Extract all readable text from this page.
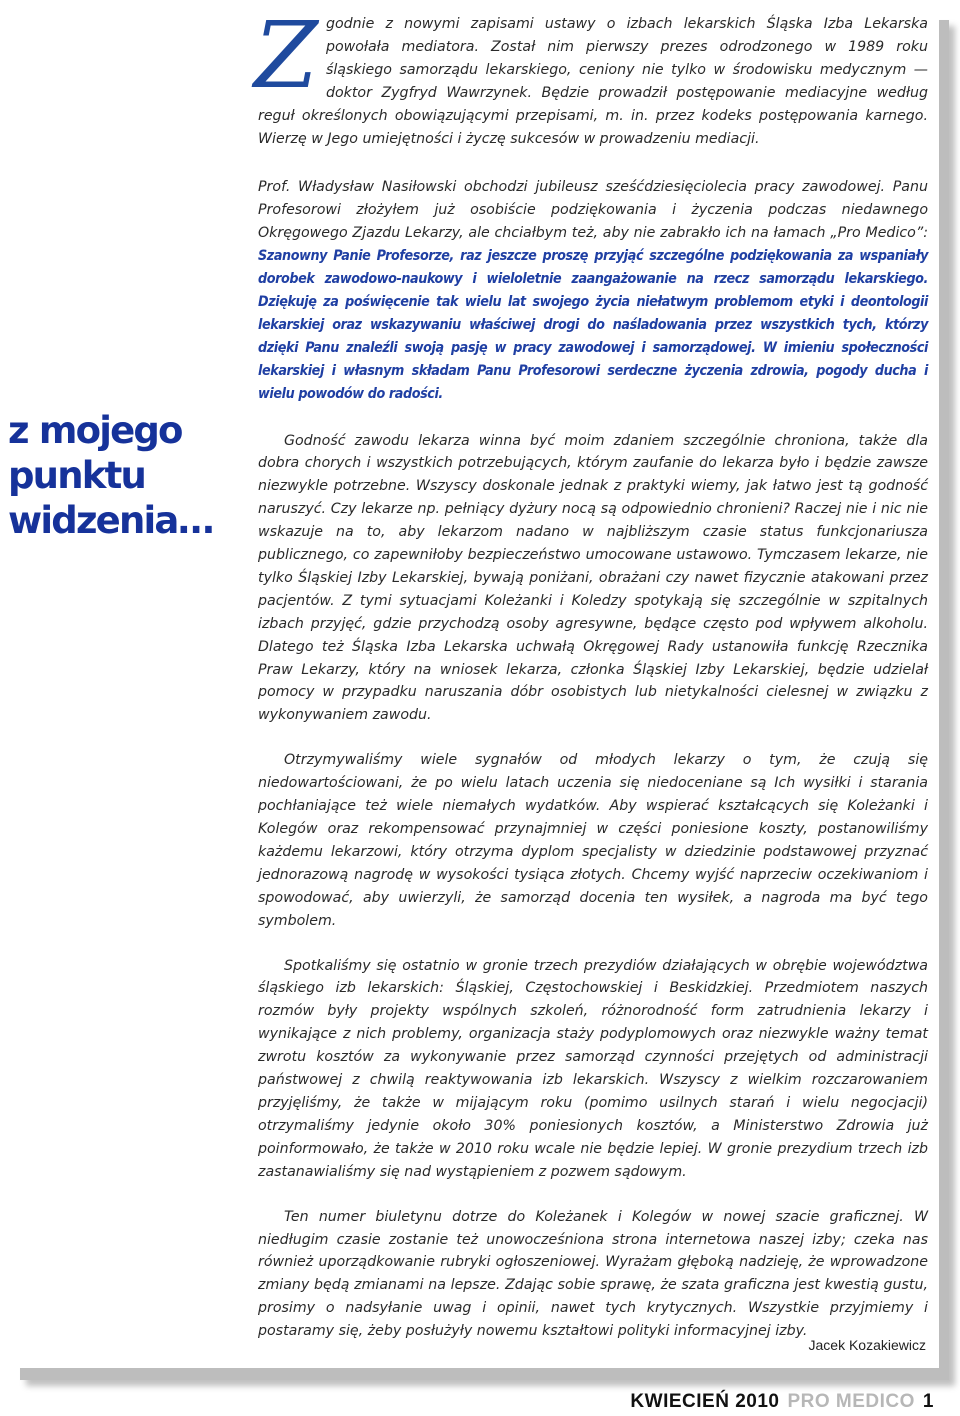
z mojego
punktu
widzenia…

Zgodnie z nowymi zapisami ustawy o izbach lekarskich Śląska Izba Lekarska powołała mediatora. Został nim pierwszy prezes odrodzonego w 1989 roku śląskiego samorządu lekarskiego, ceniony nie tylko w środowisku medycznym — doktor Zygfryd Wawrzynek. Będzie prowadził postępowanie mediacyjne według reguł określonych obowiązującymi przepisami, m. in. przez kodeks postępowania karnego. Wierzę w Jego umiejętności i życzę sukcesów w prowadzeniu mediacji.

Prof. Władysław Nasiłowski obchodzi jubileusz sześćdziesięciolecia pracy zawodowej. Panu Profesorowi złożyłem już osobiście podziękowania i życzenia podczas niedawnego Okręgowego Zjazdu Lekarzy, ale chciałbym też, aby nie zabrakło ich na łamach „Pro Medico”: Szanowny Panie Profesorze, raz jeszcze proszę przyjąć szczególne podziękowania za wspaniały dorobek zawodowo-naukowy i wieloletnie zaangażowanie na rzecz samorządu lekarskiego. Dziękuję za poświęcenie tak wielu lat swojego życia niełatwym problemom etyki i deontologii lekarskiej oraz wskazywaniu właściwej drogi do naśladowania przez wszystkich tych, którzy dzięki Panu znaleźli swoją pasję w pracy zawodowej i samorządowej. W imieniu społeczności lekarskiej i własnym składam Panu Profesorowi serdeczne życzenia zdrowia, pogody ducha i wielu powodów do radości.

Godność zawodu lekarza winna być moim zdaniem szczególnie chroniona, także dla dobra chorych i wszystkich potrzebujących, którym zaufanie do lekarza było i będzie zawsze niezwykle potrzebne. Wszyscy doskonale jednak z praktyki wiemy, jak łatwo jest tą godność naruszyć. Czy lekarze np. pełniący dyżury nocą są odpowiednio chronieni? Raczej nie i nic nie wskazuje na to, aby lekarzom nadano w najbliższym czasie status funkcjonariusza publicznego, co zapewniłoby bezpieczeństwo umocowane ustawowo. Tymczasem lekarze, nie tylko Śląskiej Izby Lekarskiej, bywają poniżani, obrażani czy nawet fizycznie atakowani przez pacjentów. Z tymi sytuacjami Koleżanki i Koledzy spotykają się szczególnie w szpitalnych izbach przyjęć, gdzie przychodzą osoby agresywne, będące często pod wpływem alkoholu. Dlatego też Śląska Izba Lekarska uchwałą Okręgowej Rady ustanowiła funkcję Rzecznika Praw Lekarzy, który na wniosek lekarza, członka Śląskiej Izby Lekarskiej, będzie udzielał pomocy w przypadku naruszania dóbr osobistych lub nietykalności cielesnej w związku z wykonywaniem zawodu.

Otrzymywaliśmy wiele sygnałów od młodych lekarzy o tym, że czują się niedowartościowani, że po wielu latach uczenia się niedoceniane są Ich wysiłki i starania pochłaniające też wiele niemałych wydatków. Aby wspierać kształcących się Koleżanki i Kolegów oraz rekompensować przynajmniej w części poniesione koszty, postanowiliśmy każdemu lekarzowi, który otrzyma dyplom specjalisty w dziedzinie podstawowej przyznać jednorazową nagrodę w wysokości tysiąca złotych. Chcemy wyjść naprzeciw oczekiwaniom i spowodować, aby uwierzyli, że samorząd docenia ten wysiłek, a nagroda ma być tego symbolem.

Spotkaliśmy się ostatnio w gronie trzech prezydiów działających w obrębie województwa śląskiego izb lekarskich: Śląskiej, Częstochowskiej i Beskidzkiej. Przedmiotem naszych rozmów były projekty wspólnych szkoleń, różnorodność form zatrudnienia lekarzy i wynikające z nich problemy, organizacja staży podyplomowych oraz niezwykle ważny temat zwrotu kosztów za wykonywanie przez samorząd czynności przejętych od administracji państwowej z chwilą reaktywowania izb lekarskich. Wszyscy z wielkim rozczarowaniem przyjęliśmy, że także w mijającym roku (pomimo usilnych starań i wielu negocjacji) otrzymaliśmy jedynie około 30% poniesionych kosztów, a Ministerstwo Zdrowia już poinformowało, że także w 2010 roku wcale nie będzie lepiej. W gronie prezydium trzech izb zastanawialiśmy się nad wystąpieniem z pozwem sądowym.

Ten numer biuletynu dotrze do Koleżanek i Kolegów w nowej szacie graficznej. W niedługim czasie zostanie też unowocześniona strona internetowa naszej izby; czeka nas również uporządkowanie rubryki ogłoszeniowej. Wyrażam głęboką nadzieję, że wprowadzone zmiany będą zmianami na lepsze. Zdając sobie sprawę, że szata graficzna jest kwestią gustu, prosimy o nadsyłanie uwag i opinii, nawet tych krytycznych. Wszystkie przyjmiemy i postaramy się, żeby posłużyły nowemu kształtowi polityki informacyjnej izby.

Jacek Kozakiewicz
KWIECIEŃ 2010 PRO MEDICO 1
